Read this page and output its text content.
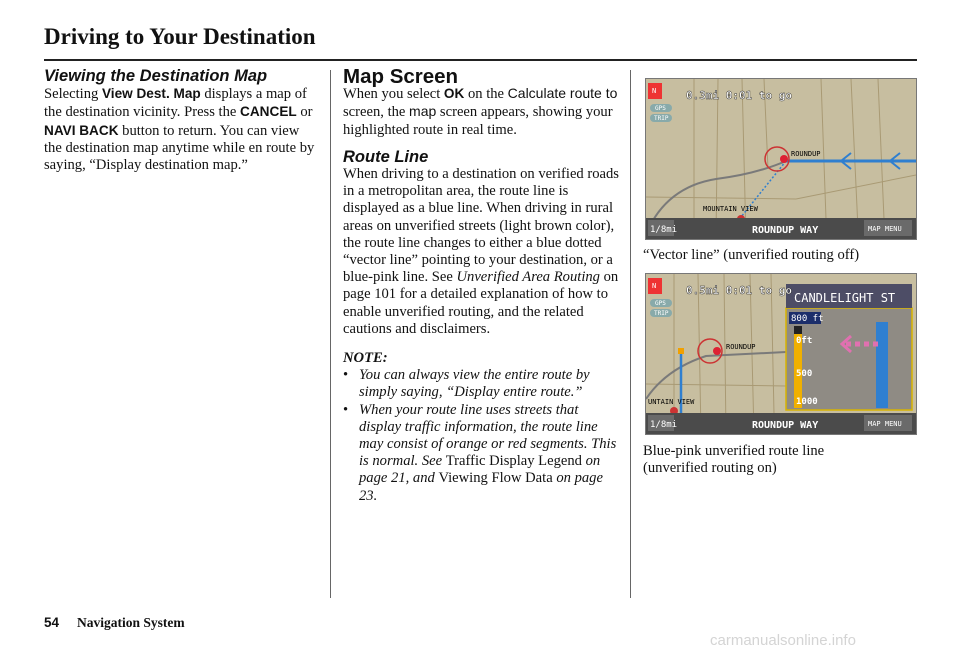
Driving to Your Destination

Viewing the Destination Map

Selecting View Dest. Map displays a map of the destination vicinity. Press the CANCEL or NAVI BACK button to return. You can view the destination map anytime while en route by saying, “Display destination map.”

Map Screen

When you select OK on the Calculate route to screen, the map screen appears, showing your highlighted route in real time.

Route Line

When driving to a destination on verified roads in a metropolitan area, the route line is displayed as a blue line. When driving in rural areas on unverified streets (light brown color), the route line changes to either a blue dotted “vector line” pointing to your destination, or a blue-pink line. See Unverified Area Routing on page 101 for a detailed explanation of how to enable unverified routing, and the related cautions and disclaimers.

NOTE:

• You can always view the entire route by simply saying, “Display entire route.”
• When your route line uses streets that display traffic information, the route line may consist of orange or red segments. This is normal. See Traffic Display Legend on page 21, and Viewing Flow Data on page 23.
ROUNDUP
MOUNTAIN VIEW
N	0.3mi 0:01 to go
GPS
TRIP
1/8mi	ROUNDUP WAY	MAP MENU
“Vector line” (unverified routing off)
ROUNDUP
UNTAIN VIEW
0ft
500
1000
CANDLELIGHT ST
800 ft
N	0.5mi 0:01 to go
GPS
TRIP
1/8mi	ROUNDUP WAY	MAP MENU
Blue-pink unverified route line (unverified routing on)
54 Navigation System
carmanualsonline.info
